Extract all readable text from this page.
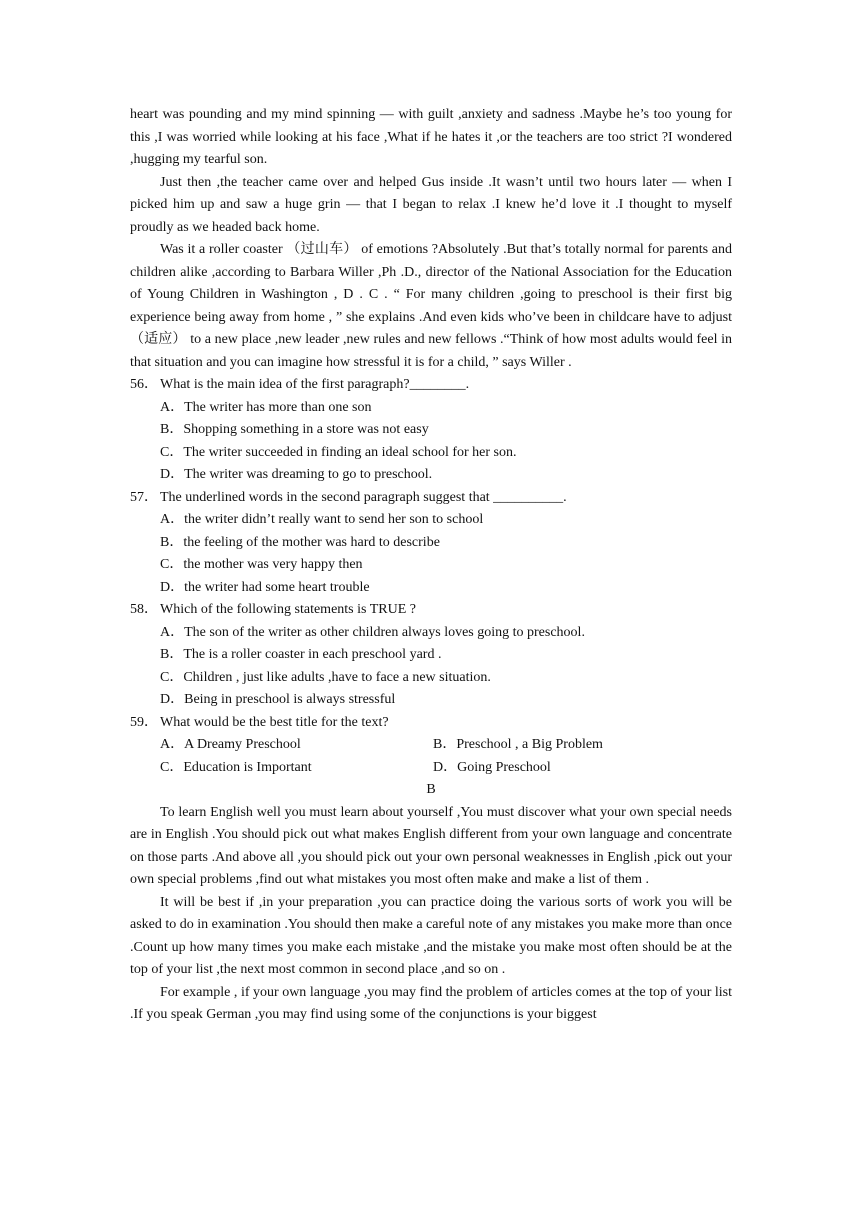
heart was pounding and my mind spinning — with guilt ,anxiety and sadness .Maybe he’s too young for this ,I was worried while looking at his face ,What if he hates it ,or the teachers are too strict ?I wondered ,hugging my tearful son.

Just then ,the teacher came over and helped Gus inside .It wasn’t until two hours later — when I picked him up and saw a huge grin — that I began to relax .I knew he’d love it .I thought to myself proudly as we headed back home.

Was it a roller coaster （过山车） of emotions ?Absolutely .But that’s totally normal for parents and children alike ,according to Barbara Willer ,Ph .D., director of the National Association for the Education of Young Children in Washington , D . C . “ For many children ,going to preschool is their first big experience being away from home , ” she explains .And even kids who’ve been in childcare have to adjust （适应） to a new place ,new leader ,new rules and new fellows .“Think of how most adults would feel in that situation and you can imagine how stressful it is for a child, ” says Willer .

56． What is the main idea of the first paragraph?________.

A．The writer has more than one son

B．Shopping something in a store was not easy

C．The writer succeeded in finding an ideal school for her son.

D．The writer was dreaming to go to preschool.

57． The underlined words in the second paragraph suggest that __________.

A．the writer didn’t really want to send her son to school

B．the feeling of the mother was hard to describe

C．the mother was very happy then

D．the writer had some heart trouble

58． Which of the following statements is TRUE ?

A．The son of the writer as other children always loves going to preschool.

B．The is a roller coaster in each preschool yard .

C．Children , just like adults ,have to face a new situation.

D．Being in preschool is always stressful

59． What would be the best title for the text?

A．A Dreamy Preschool	B．Preschool , a Big Problem

C．Education is Important	D．Going Preschool

B

To learn English well you must learn about yourself ,You must discover what your own special needs are in English .You should pick out what makes English different from your own language and concentrate on those parts .And above all ,you should pick out your own personal weaknesses in English ,pick out your own special problems ,find out what mistakes you most often make and make a list of them .

It will be best if ,in your preparation ,you can practice doing the various sorts of work you will be asked to do in examination .You should then make a careful note of any mistakes you make more than once .Count up how many times you make each mistake ,and the mistake you make most often should be at the top of your list ,the next most common in second place ,and so on .

For example , if your own language ,you may find the problem of articles comes at the top of your list .If you speak German ,you may find using some of the conjunctions is your biggest
